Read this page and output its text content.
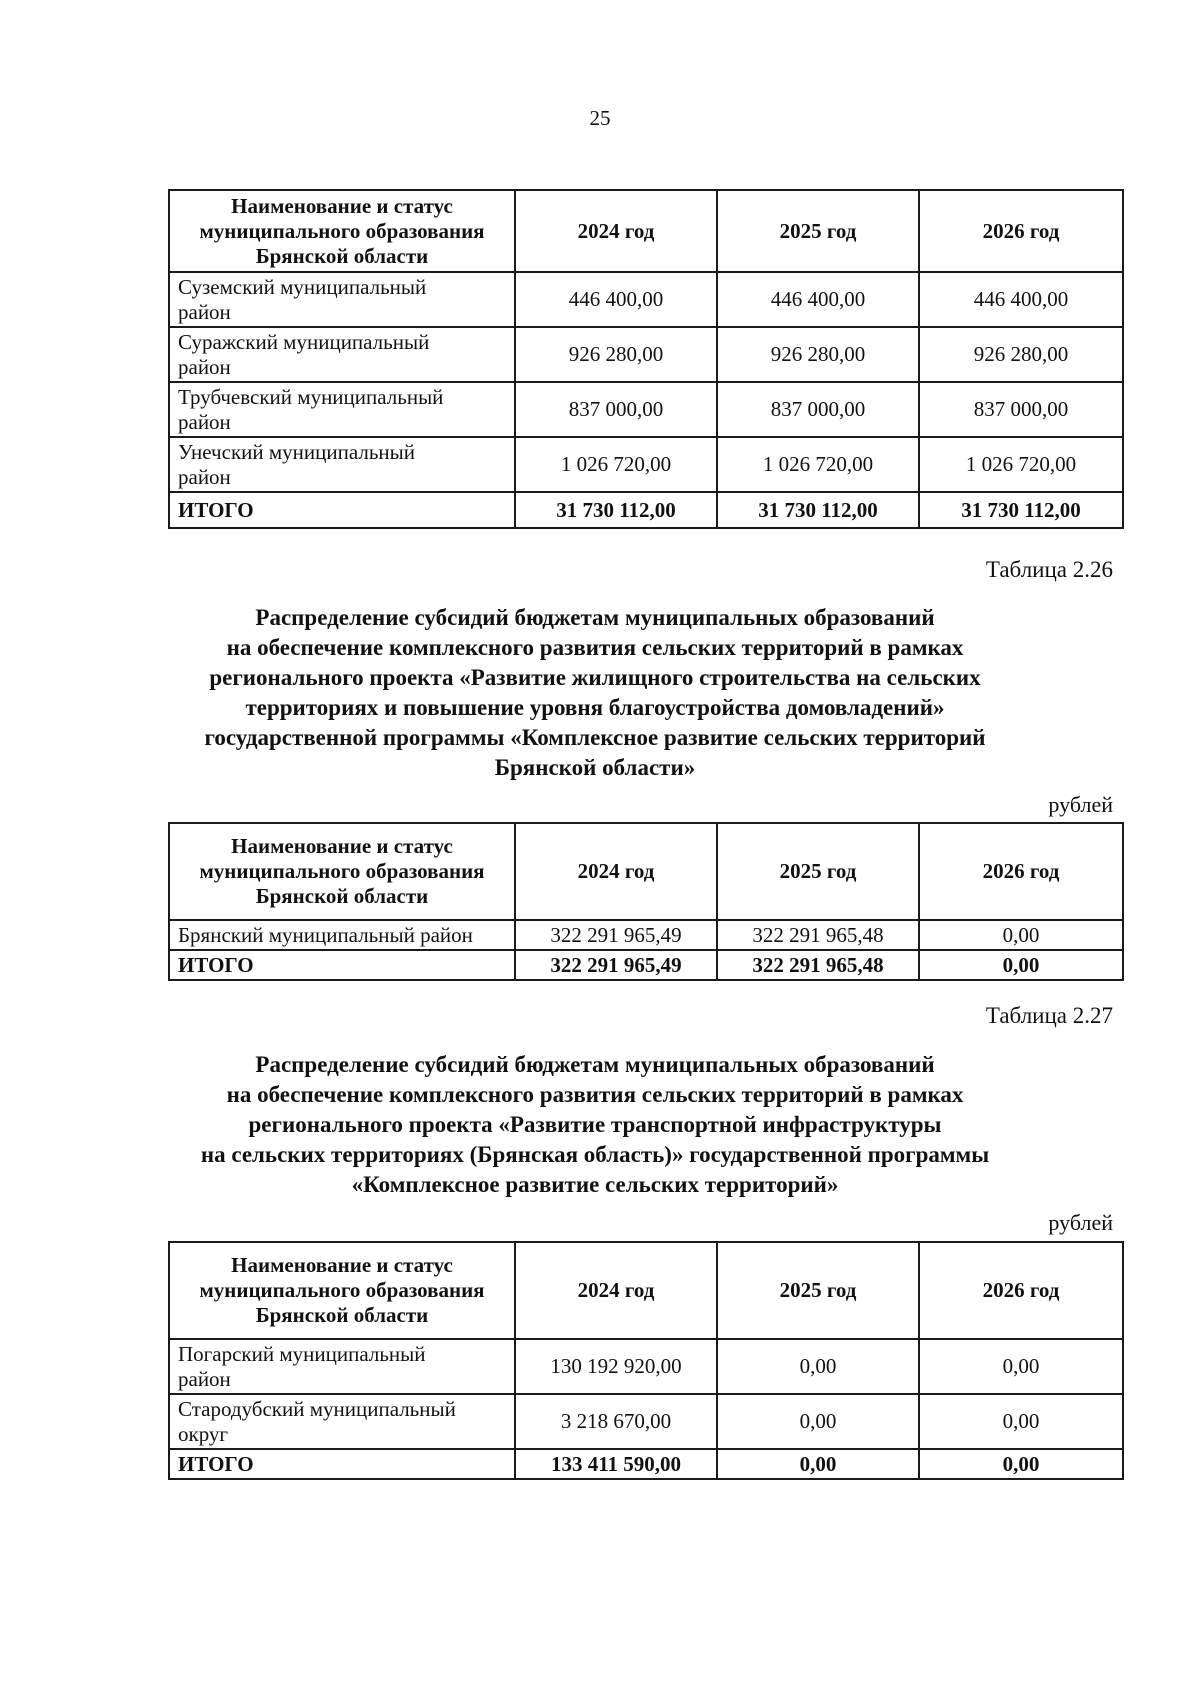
25
Наименование и статус
муниципального образования
Брянской области	2024 год	2025 год	2026 год

Суземский муниципальный
район	446 400,00	446 400,00	446 400,00

Суражский муниципальный
район	926 280,00	926 280,00	926 280,00

Трубчевский муниципальный
район	837 000,00	837 000,00	837 000,00

Унечский муниципальный
район	1 026 720,00	1 026 720,00	1 026 720,00
ИТОГО	31 730 112,00	31 730 112,00	31 730 112,00
Таблица 2.26
Распределение субсидий бюджетам муниципальных образований
на обеспечение комплексного развития сельских территорий в рамках
регионального проекта «Развитие жилищного строительства на сельских
территориях и повышение уровня благоустройства домовладений»
государственной программы «Комплексное развитие сельских территорий
Брянской области»
рублей
Наименование и статус
муниципального образования
Брянской области	2024 год	2025 год	2026 год

Брянский муниципальный район	322 291 965,49	322 291 965,48	0,00
ИТОГО	322 291 965,49	322 291 965,48	0,00
Таблица 2.27
Распределение субсидий бюджетам муниципальных образований
на обеспечение комплексного развития сельских территорий в рамках
регионального проекта «Развитие транспортной инфраструктуры
на сельских территориях (Брянская область)» государственной программы
«Комплексное развитие сельских территорий»
рублей
Наименование и статус
муниципального образования
Брянской области	2024 год	2025 год	2026 год

Погарский муниципальный
район	130 192 920,00	0,00	0,00

Стародубский муниципальный
округ	3 218 670,00	0,00	0,00
ИТОГО	133 411 590,00	0,00	0,00
